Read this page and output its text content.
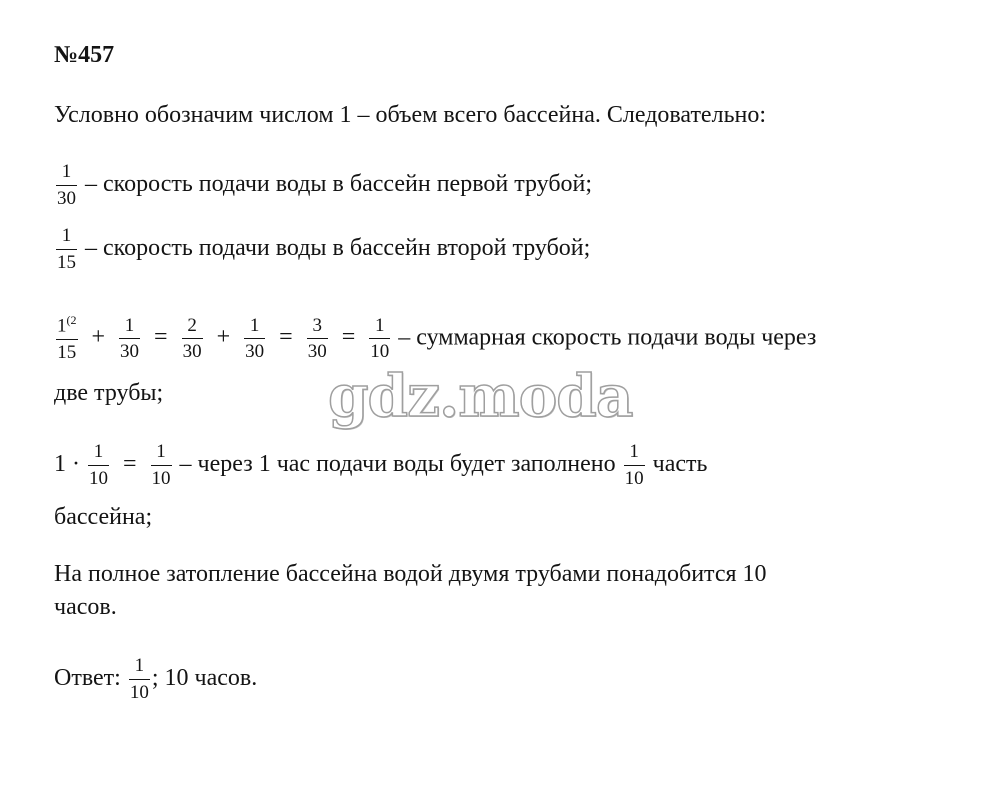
№457
Условно обозначим числом 1 – объем всего бассейна. Следовательно:
$\frac{1}{30}$ – скорость подачи воды в бассейн первой трубой;
$\frac{1}{15}$ – скорость подачи воды в бассейн второй трубой;
$\frac{1^{(2}}{15} + \frac{1}{30} = \frac{2}{30} + \frac{1}{30} = \frac{3}{30} = \frac{1}{10}$ – суммарная скорость подачи воды через
две трубы;
$1 \cdot \frac{1}{10} = \frac{1}{10}$ – через 1 час подачи воды будет заполнено $\frac{1}{10}$ часть
бассейна;
На полное затопление бассейна водой двумя трубами понадобится 10
часов.
Ответ: $\frac{1}{10}$ ; 10 часов.
gdz.moda
